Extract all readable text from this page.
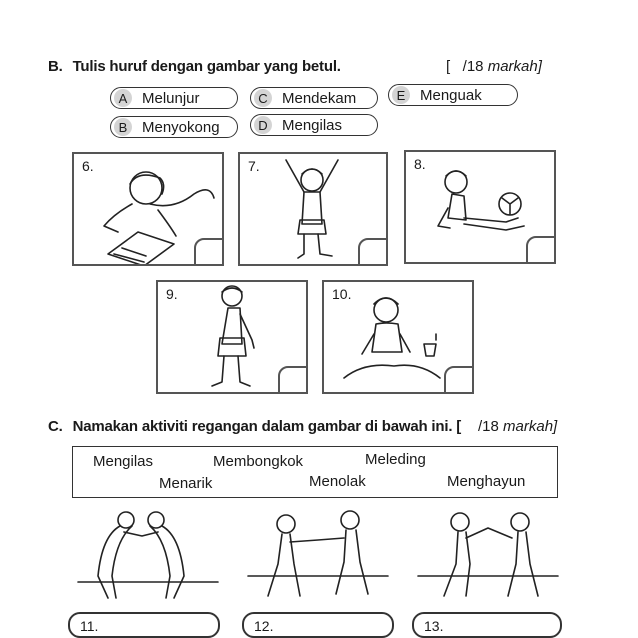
B. Tulis huruf dengan gambar yang betul.	[   /18 markah]
A Melunjur	C Mendekam	E Menguak
B Menyokong	D Mengilas
6.	7.	8.
9.	10.
C. Namakan aktiviti regangan dalam gambar di bawah ini. [ /18 markah]
Mengilas	Membongkok	Meleding
Menarik	Menolak	Menghayun
11.	12.	13.
